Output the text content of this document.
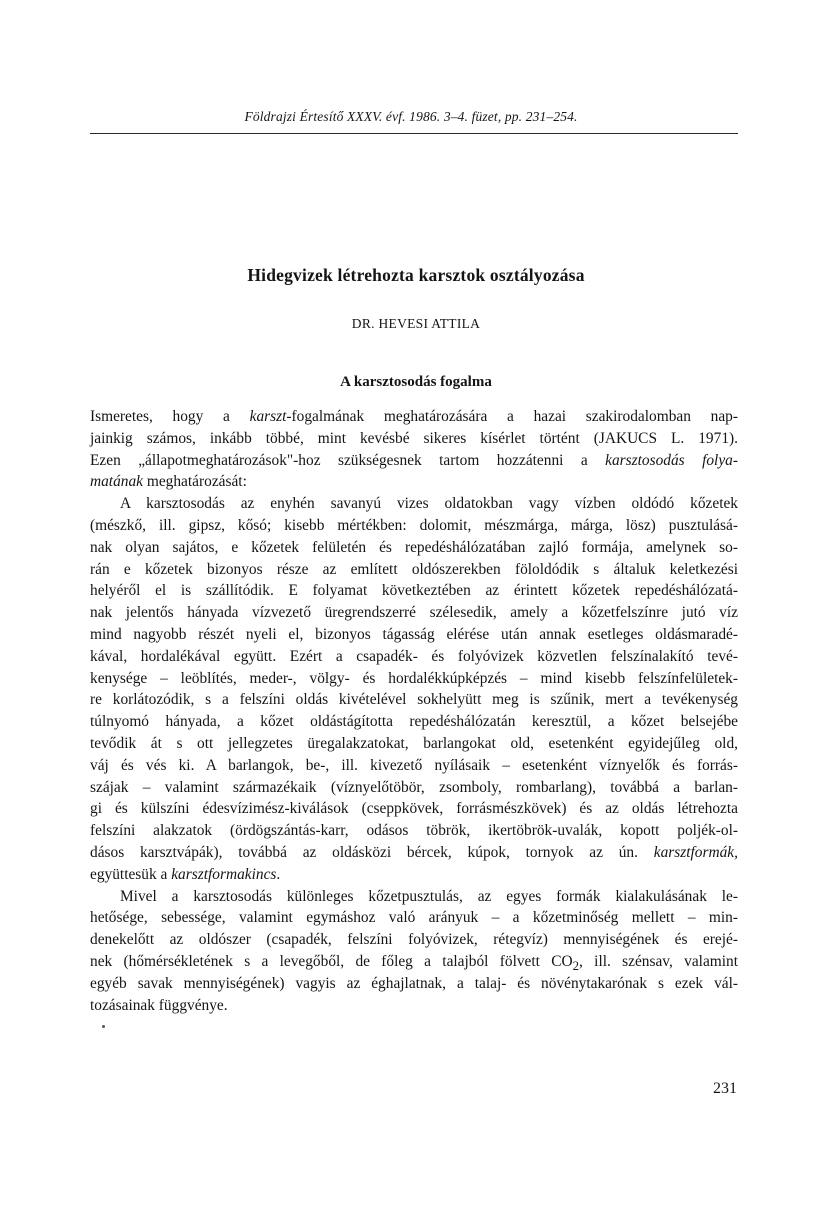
Földrajzi Értesítő XXXV. évf. 1986. 3–4. füzet, pp. 231–254.
Hidegvizek létrehozta karsztok osztályozása
DR. HEVESI ATTILA
A karsztosodás fogalma
Ismeretes, hogy a karszt-fogalmának meghatározására a hazai szakirodalomban nap-
jainkig számos, inkább többé, mint kevésbé sikeres kísérlet történt (JAKUCS L. 1971).
Ezen „állapotmeghatározások"-hoz szükségesnek tartom hozzátenni a karsztosodás folya-
matának meghatározását:
A karsztosodás az enyhén savanyú vizes oldatokban vagy vízben oldódó kőzetek
(mészkő, ill. gipsz, kősó; kisebb mértékben: dolomit, mészmárga, márga, lösz) pusztulásá-
nak olyan sajátos, e kőzetek felületén és repedéshálózatában zajló formája, amelynek so-
rán e kőzetek bizonyos része az említett oldószerekben föloldódik s általuk keletkezési
helyéről el is szállítódik. E folyamat következtében az érintett kőzetek repedéshálózatá-
nak jelentős hányada vízvezető üregrendszerré szélesedik, amely a kőzetfelszínre jutó víz
mind nagyobb részét nyeli el, bizonyos tágasság elérése után annak esetleges oldásmaradé-
kával, hordalékával együtt. Ezért a csapadék- és folyóvizek közvetlen felszínalakító tevé-
kenysége – leöblítés, meder-, völgy- és hordalékkúpképzés – mind kisebb felszínfelületek-
re korlátozódik, s a felszíni oldás kivételével sokhelyütt meg is szűnik, mert a tevékenység
túlnyomó hányada, a kőzet oldástágította repedéshálózatán keresztül, a kőzet belsejébe
tevődik át s ott jellegzetes üregalakzatokat, barlangokat old, esetenként egyidejűleg old,
váj és vés ki. A barlangok, be-, ill. kivezető nyílásaik – esetenként víznyelők és forrás-
szájak – valamint származékaik (víznyelőtöbör, zsomboly, rombarlang), továbbá a barlan-
gi és külszíni édesvízimész-kiválások (cseppkövek, forrásmészkövek) és az oldás létrehozta
felszíni alakzatok (ördögszántás-karr, odásos töbrök, ikertöbrök-uvalák, kopott poljék-ol-
dásos karsztvápák), továbbá az oldásközi bércek, kúpok, tornyok az ún. karsztformák,
együttesük a karsztformakincs.
Mivel a karsztosodás különleges kőzetpusztulás, az egyes formák kialakulásának le-
hetősége, sebessége, valamint egymáshoz való arányuk – a kőzetminőség mellett – min-
denekelőtt az oldószer (csapadék, felszíni folyóvizek, rétegvíz) mennyiségének és erejé-
nek (hőmérsékletének s a levegőből, de főleg a talajból fölvett $CO_2$, ill. szénsav, valamint
egyéb savak mennyiségének) vagyis az éghajlatnak, a talaj- és növénytakarónak s ezek vál-
tozásainak függvénye.
231
